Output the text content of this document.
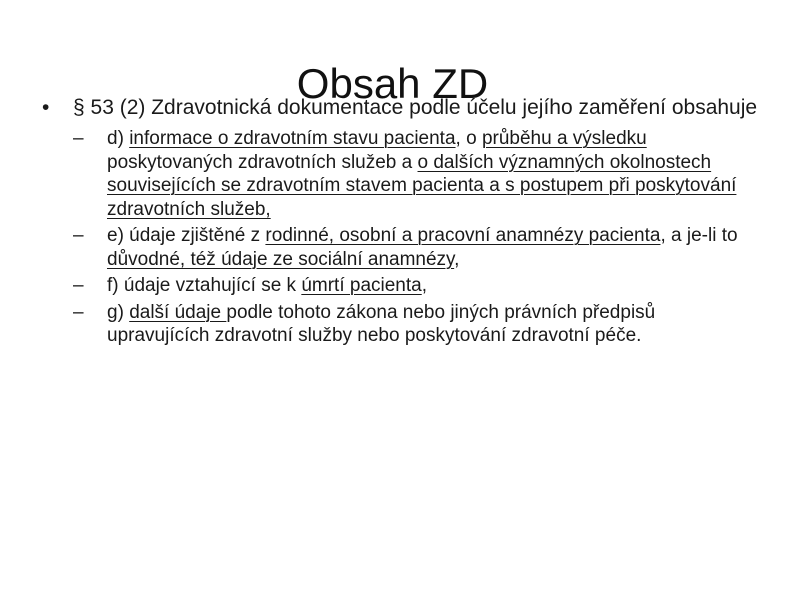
Obsah ZD
• § 53 (2) Zdravotnická dokumentace podle účelu jejího zaměření obsahuje
– d) informace o zdravotním stavu pacienta, o průběhu a výsledku poskytovaných zdravotních služeb a o dalších významných okolnostech souvisejících se zdravotním stavem pacienta a s postupem při poskytování zdravotních služeb,
– e) údaje zjištěné z rodinné, osobní a pracovní anamnézy pacienta, a je-li to důvodné, též údaje ze sociální anamnézy,
– f) údaje vztahující se k úmrtí pacienta,
– g) další údaje podle tohoto zákona nebo jiných právních předpisů upravujících zdravotní služby nebo poskytování zdravotní péče.
